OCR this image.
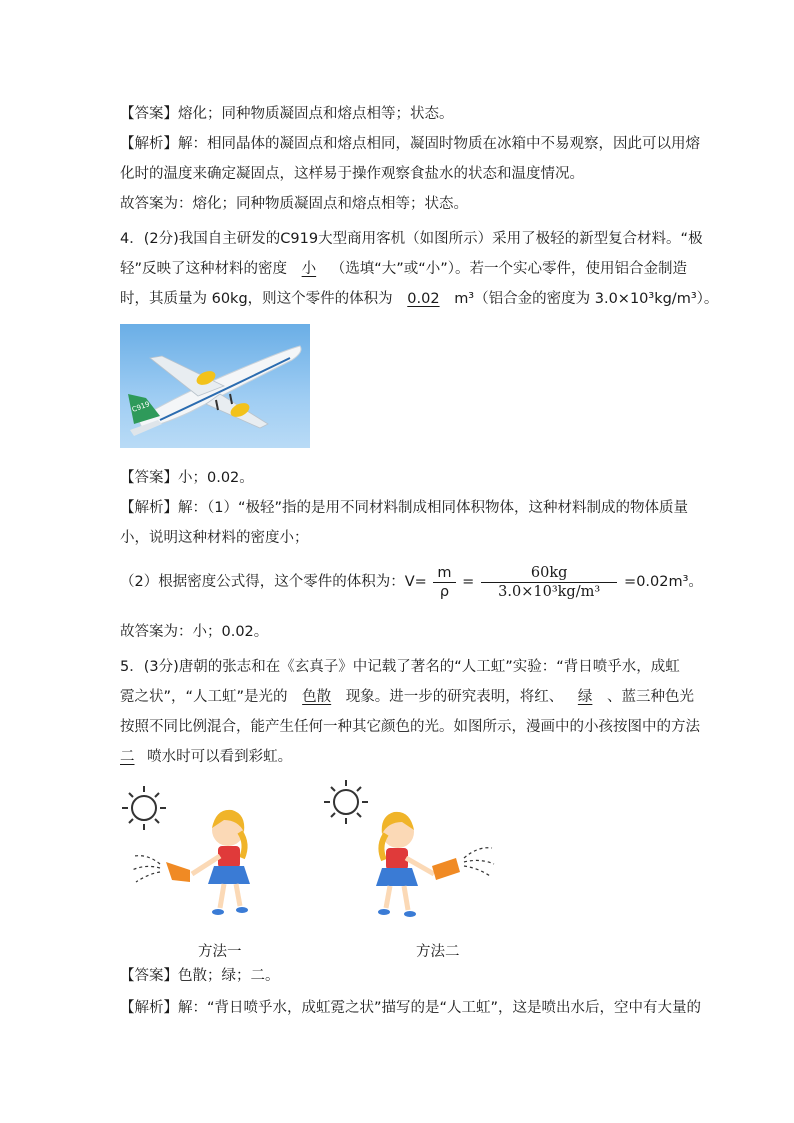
【答案】熔化；同种物质凝固点和熔点相等；状态。
【解析】解：相同晶体的凝固点和熔点相同，凝固时物质在冰箱中不易观察，因此可以用熔
化时的温度来确定凝固点，这样易于操作观察食盐水的状态和温度情况。
故答案为：熔化；同种物质凝固点和熔点相等；状态。
4．(2分)我国自主研发的C919大型商用客机（如图所示）采用了极轻的新型复合材料。“极
轻”反映了这种材料的密度 小 （选填“大”或“小”）。若一个实心零件，使用铝合金制造
时，其质量为 60kg，则这个零件的体积为 0.02 m³（铝合金的密度为 3.0×10³kg/m³）。
C919
【答案】小；0.02。
【解析】解：（1）“极轻”指的是用不同材料制成相同体积物体，这种材料制成的物体质量
小，说明这种材料的密度小；
（2）根据密度公式得，这个零件的体积为：$V= \frac{m}{\rho} = \frac{60kg}{\text{3.0×10³kg/m³}} =0.02m^3$。
故答案为：小；0.02。
5．(3分)唐朝的张志和在《玄真子》中记载了著名的“人工虹”实验：“背日喷乎水，成虹
霓之状”，“人工虹”是光的 色散 现象。进一步的研究表明，将红、 绿 、蓝三种色光
按照不同比例混合，能产生任何一种其它颜色的光。如图所示，漫画中的小孩按图中的方法
二 喷水时可以看到彩虹。
方法一	方法二
【答案】色散；绿；二。
【解析】解：“背日喷乎水，成虹霓之状”描写的是“人工虹”，这是喷出水后，空中有大量的
